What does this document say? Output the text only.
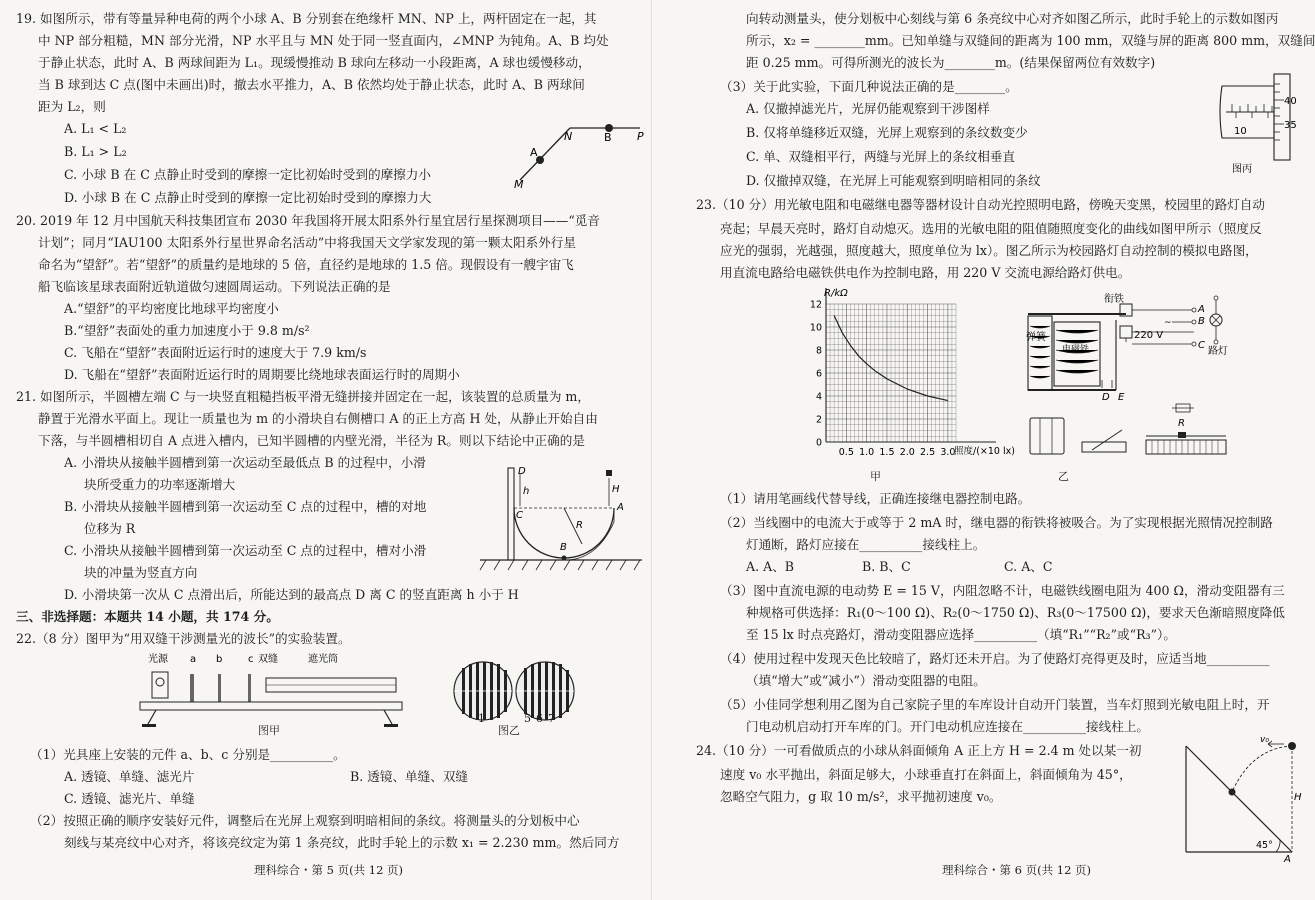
19. 如图所示，带有等量异种电荷的两个小球 A、B 分别套在绝缘杆 MN、NP 上，两杆固定在一起，其
中 NP 部分粗糙，MN 部分光滑，NP 水平且与 MN 处于同一竖直面内，∠MNP 为钝角。A、B 均处
于静止状态，此时 A、B 两球间距为 L₁。现缓慢推动 B 球向左移动一小段距离，A 球也缓慢移动，
当 B 球到达 C 点(图中未画出)时，撤去水平推力，A、B 依然均处于静止状态，此时 A、B 两球间
距为 L₂，则
A. L₁ < L₂
B. L₁ > L₂
C. 小球 B 在 C 点静止时受到的摩擦一定比初始时受到的摩擦力小
D. 小球 B 在 C 点静止时受到的摩擦一定比初始时受到的摩擦力大
N	B P
A
M
20. 2019 年 12 月中国航天科技集团宣布 2030 年我国将开展太阳系外行星宜居行星探测项目——“觅音
计划”；同月“IAU100 太阳系外行星世界命名活动”中将我国天文学家发现的第一颗太阳系外行星
命名为“望舒”。若“望舒”的质量约是地球的 5 倍，直径约是地球的 1.5 倍。现假设有一艘宇宙飞
船飞临该星球表面附近轨道做匀速圆周运动。下列说法正确的是
A.“望舒”的平均密度比地球平均密度小
B.“望舒”表面处的重力加速度小于 9.8 m/s²
C. 飞船在“望舒”表面附近运行时的速度大于 7.9 km/s
D. 飞船在“望舒”表面附近运行时的周期要比绕地球表面运行时的周期小
21. 如图所示，半圆槽左端 C 与一块竖直粗糙挡板平滑无缝拼接并固定在一起，该装置的总质量为 m，
静置于光滑水平面上。现让一质量也为 m 的小滑块自右侧槽口 A 的正上方高 H 处，从静止开始自由
下落，与半圆槽相切自 A 点进入槽内，已知半圆槽的内壁光滑，半径为 R。则以下结论中正确的是
A. 小滑块从接触半圆槽到第一次运动至最低点 B 的过程中，小滑
块所受重力的功率逐渐增大
B. 小滑块从接触半圆槽到第一次运动至 C 点的过程中，槽的对地
位移为 R
C. 小滑块从接触半圆槽到第一次运动至 C 点的过程中，槽对小滑
块的冲量为竖直方向
D. 小滑块第一次从 C 点滑出后，所能达到的最高点 D 离 C 的竖直距离 h 小于 H
D
h
C
R
B
H
A
三、非选择题：本题共 14 小题，共 174 分。
22.（8 分）图甲为“用双缝干涉测量光的波长”的实验装置。
光源 a b	c 双缝	遮光筒
图甲
1	5 6 7
图乙
（1）光具座上安装的元件 a、b、c 分别是__________。
A. 透镜、单缝、滤光片	B. 透镜、单缝、双缝
C. 透镜、滤光片、单缝
（2）按照正确的顺序安装好元件，调整后在光屏上观察到明暗相间的条纹。将测量头的分划板中心
刻线与某亮纹中心对齐，将该亮纹定为第 1 条亮纹，此时手轮上的示数 x₁ = 2.230 mm。然后同方
理科综合・第 5 页(共 12 页)
向转动测量头，使分划板中心刻线与第 6 条亮纹中心对齐如图乙所示，此时手轮上的示数如图丙
所示，x₂ = ________mm。已知单缝与双缝间的距离为 100 mm，双缝与屏的距离 800 mm，双缝间
距 0.25 mm。可得所测光的波长为________m。(结果保留两位有效数字)
（3）关于此实验，下面几种说法正确的是________。
A. 仅撤掉滤光片，光屏仍能观察到干涉图样
B. 仅将单缝移近双缝，光屏上观察到的条纹数变少
C. 单、双缝相平行，两缝与光屏上的条纹相垂直
D. 仅撤掉双缝，在光屏上可能观察到明暗相同的条纹
40
35
10
图丙
23.（10 分）用光敏电阻和电磁继电器等器材设计自动光控照明电路，傍晚天变黑，校园里的路灯自动
亮起；早晨天亮时，路灯自动熄灭。选用的光敏电阻的阻值随照度变化的曲线如图甲所示（照度反
应光的强弱，光越强，照度越大，照度单位为 lx）。图乙所示为校园路灯自动控制的模拟电路图，
用直流电路给电磁铁供电作为控制电路，用 220 V 交流电源给路灯供电。
12
10
8
6
4
2
0
0.5 1.0 1.5 2.0 2.5 3.0
R/kΩ
照度/(×10 lx)
甲
~
衔铁
弹簧
电磁铁
220 V
A
B
C
路灯
D E
R
乙
（1）请用笔画线代替导线，正确连接继电器控制电路。
（2）当线圈中的电流大于或等于 2 mA 时，继电器的衔铁将被吸合。为了实现根据光照情况控制路
灯通断，路灯应接在__________接线柱上。
A. A、B	B. B、C	C. A、C
（3）图中直流电源的电动势 E = 15 V，内阻忽略不计，电磁铁线圈电阻为 400 Ω，滑动变阻器有三
种规格可供选择：R₁(0～100 Ω)、R₂(0～1750 Ω)、R₃(0～17500 Ω)，要求天色渐暗照度降低
至 15 lx 时点亮路灯，滑动变阻器应选择__________（填“R₁”“R₂”或“R₃”）。
（4）使用过程中发现天色比较暗了，路灯还未开启。为了使路灯亮得更及时，应适当地__________
（填“增大”或“减小”）滑动变阻器的电阻。
（5）小佳同学想利用乙图为自己家院子里的车库设计自动开门装置，当车灯照到光敏电阻上时，开
门电动机启动打开车库的门。开门电动机应连接在__________接线柱上。
24.（10 分）一可看做质点的小球从斜面倾角 A 正上方 H = 2.4 m 处以某一初
速度 v₀ 水平抛出，斜面足够大，小球垂直打在斜面上，斜面倾角为 45°，
忽略空气阻力，g 取 10 m/s²，求平抛初速度 v₀。
v₀
H
45°
A
理科综合・第 6 页(共 12 页)
